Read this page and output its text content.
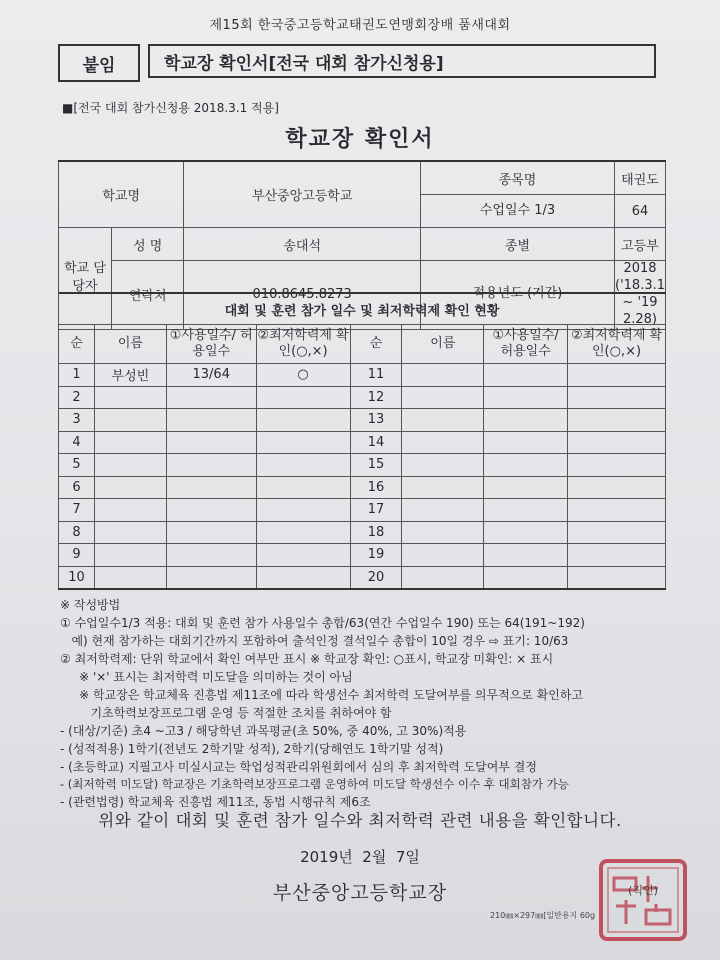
제15회 한국중고등학교태권도연맹회장배 품새대회
붙임	학교장 확인서[전국 대회 참가신청용]
■[전국 대회 참가신청용 2018.3.1 적용]
학교장 확인서
학교명		부산중앙고등학교	종목명	태권도
			수업일수 1/3	64
학교 담당자	성 명	송대석	종별	고등부
	연락처	010.8645.8273	적용년도 (기간)	2018
('18.3.1 ~ '19 2.28)
대회 및 훈련 참가 일수 및 최저학력제 확인 현황							
순	이름	①사용일수/ 허용일수	②최저학력제 확인(○,×)	순	이름	①사용일수/ 허용일수	②최저학력제 확인(○,×)
1	부성빈	13/64	○	11			
2				12			
3				13			
4				14			
5				15			
6				16			
7				17			
8				18			
9				19			
10				20			
※ 작성방법
① 수업일수1/3 적용: 대회 및 훈련 참가 사용일수 총합/63(연간 수업일수 190) 또는 64(191~192)
예) 현재 참가하는 대회기간까지 포함하여 출석인정 결석일수 총합이 10일 경우 ⇨ 표기: 10/63
② 최저학력제: 단위 학교에서 확인 여부만 표시 ※ 학교장 확인: ○표시, 학교장 미확인: × 표시
※ '×' 표시는 최저학력 미도달을 의미하는 것이 아님
※ 학교장은 학교체육 진흥법 제11조에 따라 학생선수 최저학력 도달여부를 의무적으로 확인하고
기초학력보장프로그램 운영 등 적절한 조치를 취하여야 함
- (대상/기준) 초4 ~고3 / 해당학년 과목평균(초 50%, 중 40%, 고 30%)적용
- (성적적용) 1학기(전년도 2학기말 성적), 2학기(당해연도 1학기말 성적)
- (초등학교) 지필고사 미실시교는 학업성적관리위원회에서 심의 후 최저학력 도달여부 결정
- (최저학력 미도달) 학교장은 기초학력보장프로그램 운영하여 미도달 학생선수 이수 후 대회참가 가능
- (관련법령) 학교체육 진흥법 제11조, 동법 시행규칙 제6조
위와 같이 대회 및 훈련 참가 일수와 최저학력 관련 내용을 확인합니다.
2019년  2월  7일
부산중앙고등학교장
210㎜×297㎜[일반용지 60g
(직인)
